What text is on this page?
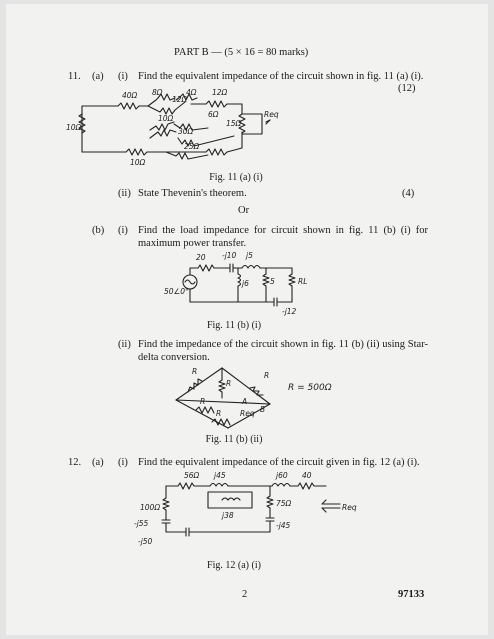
PART B — (5 × 16 = 80 marks)
11. (a) (i) Find the equivalent impedance of the circuit shown in fig. 11 (a) (i).
(12)
40Ω 8Ω
12Ω
4Ω 12Ω
10Ω	15Ω
Req
10Ω	6Ω
30Ω
25Ω
10Ω
Fig. 11 (a) (i)
(ii) State Thevenin's theorem.	(4)
Or
(b) (i) Find the load impedance for circuit shown in fig. 11 (b) (i) for maximum power transfer.
20 -j10 j5
j6	5	RL
50∠0°
-j12
Fig. 11 (b) (i)
(ii) Find the impedance of the circuit shown in fig. 11 (b) (ii) using Star-delta conversion.
R	R
R
R
R
R = 500Ω
A
Req B
Fig. 11 (b) (ii)
12. (a) (i) Find the equivalent impedance of the circuit given in fig. 12 (a) (i).
56Ω j45	j60 40
100Ω
j38
75Ω	Req
-j55
-j50
-j45
Fig. 12 (a) (i)
2	97133
